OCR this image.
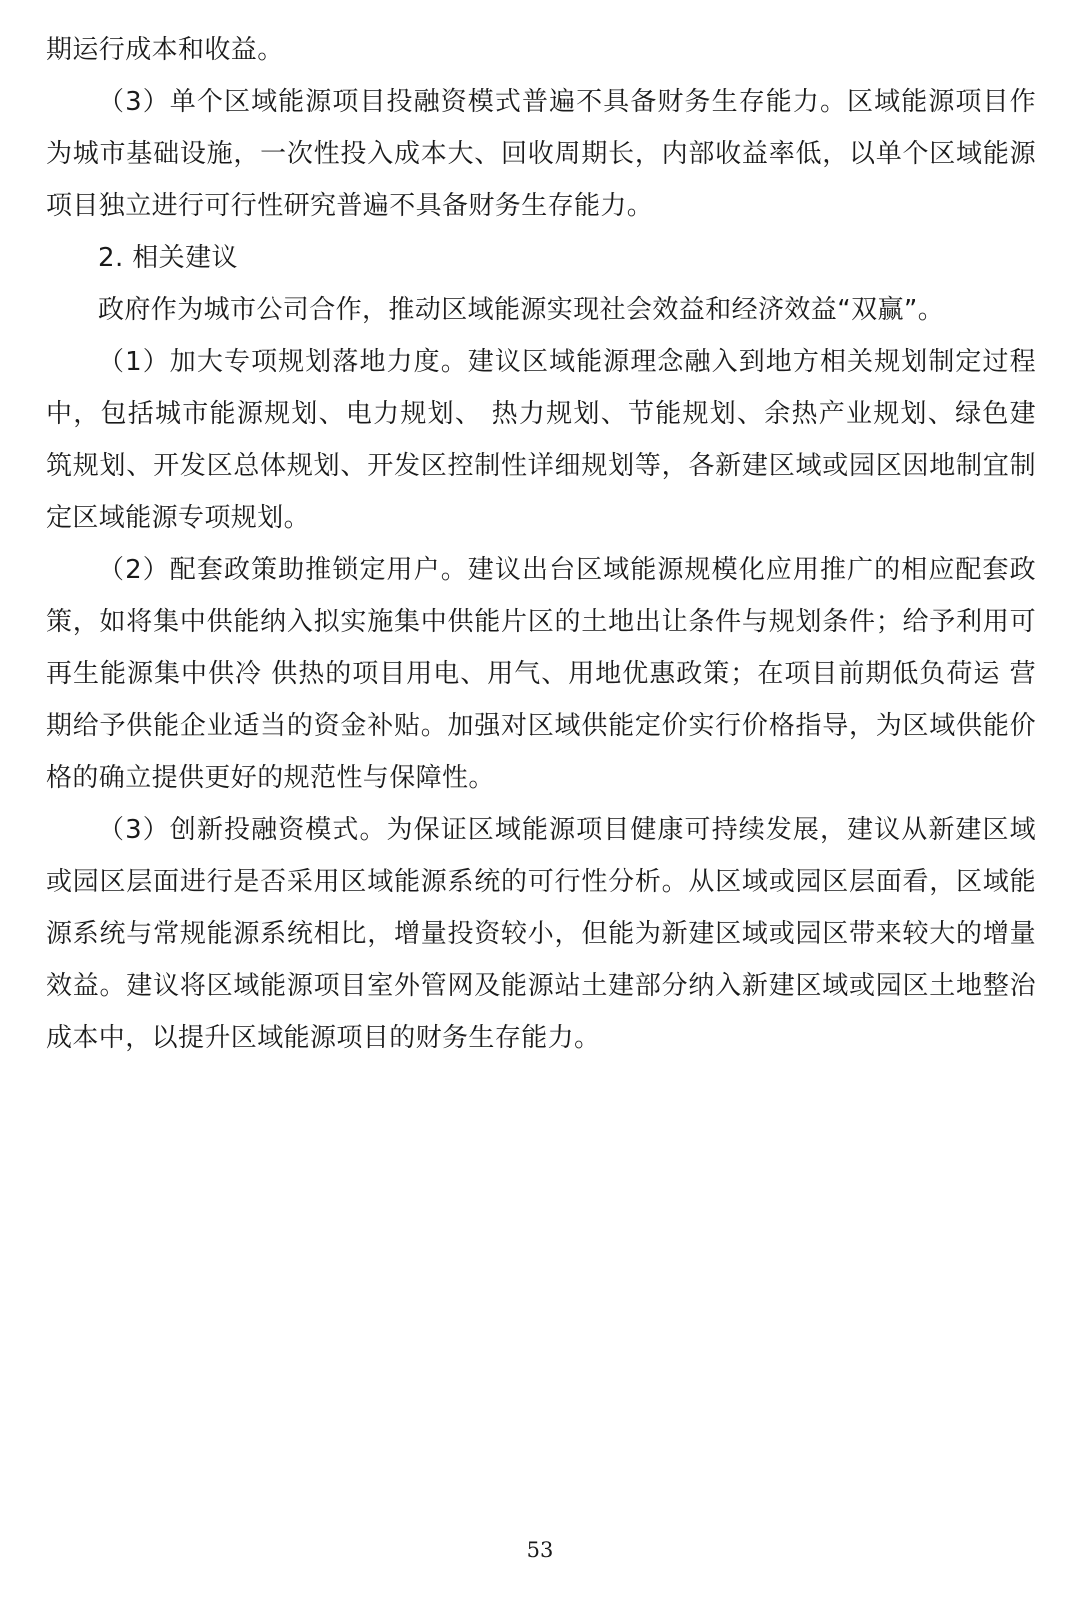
期运行成本和收益。
（3）单个区域能源项目投融资模式普遍不具备财务生存能力。区域能源项目作
为城市基础设施，一次性投入成本大、回收周期长，内部收益率低，以单个区域能源
项目独立进行可行性研究普遍不具备财务生存能力。
2. 相关建议
政府作为城市公司合作，推动区域能源实现社会效益和经济效益“双赢”。
（1）加大专项规划落地力度。建议区域能源理念融入到地方相关规划制定过程
中，包括城市能源规划、电力规划、 热力规划、节能规划、余热产业规划、绿色建
筑规划、开发区总体规划、开发区控制性详细规划等，各新建区域或园区因地制宜制
定区域能源专项规划。
（2）配套政策助推锁定用户。建议出台区域能源规模化应用推广的相应配套政
策，如将集中供能纳入拟实施集中供能片区的土地出让条件与规划条件；给予利用可
再生能源集中供冷 供热的项目用电、用气、用地优惠政策；在项目前期低负荷运 营
期给予供能企业适当的资金补贴。加强对区域供能定价实行价格指导，为区域供能价
格的确立提供更好的规范性与保障性。
（3）创新投融资模式。为保证区域能源项目健康可持续发展，建议从新建区域
或园区层面进行是否采用区域能源系统的可行性分析。从区域或园区层面看，区域能
源系统与常规能源系统相比，增量投资较小，但能为新建区域或园区带来较大的增量
效益。建议将区域能源项目室外管网及能源站土建部分纳入新建区域或园区土地整治
成本中，以提升区域能源项目的财务生存能力。
53
